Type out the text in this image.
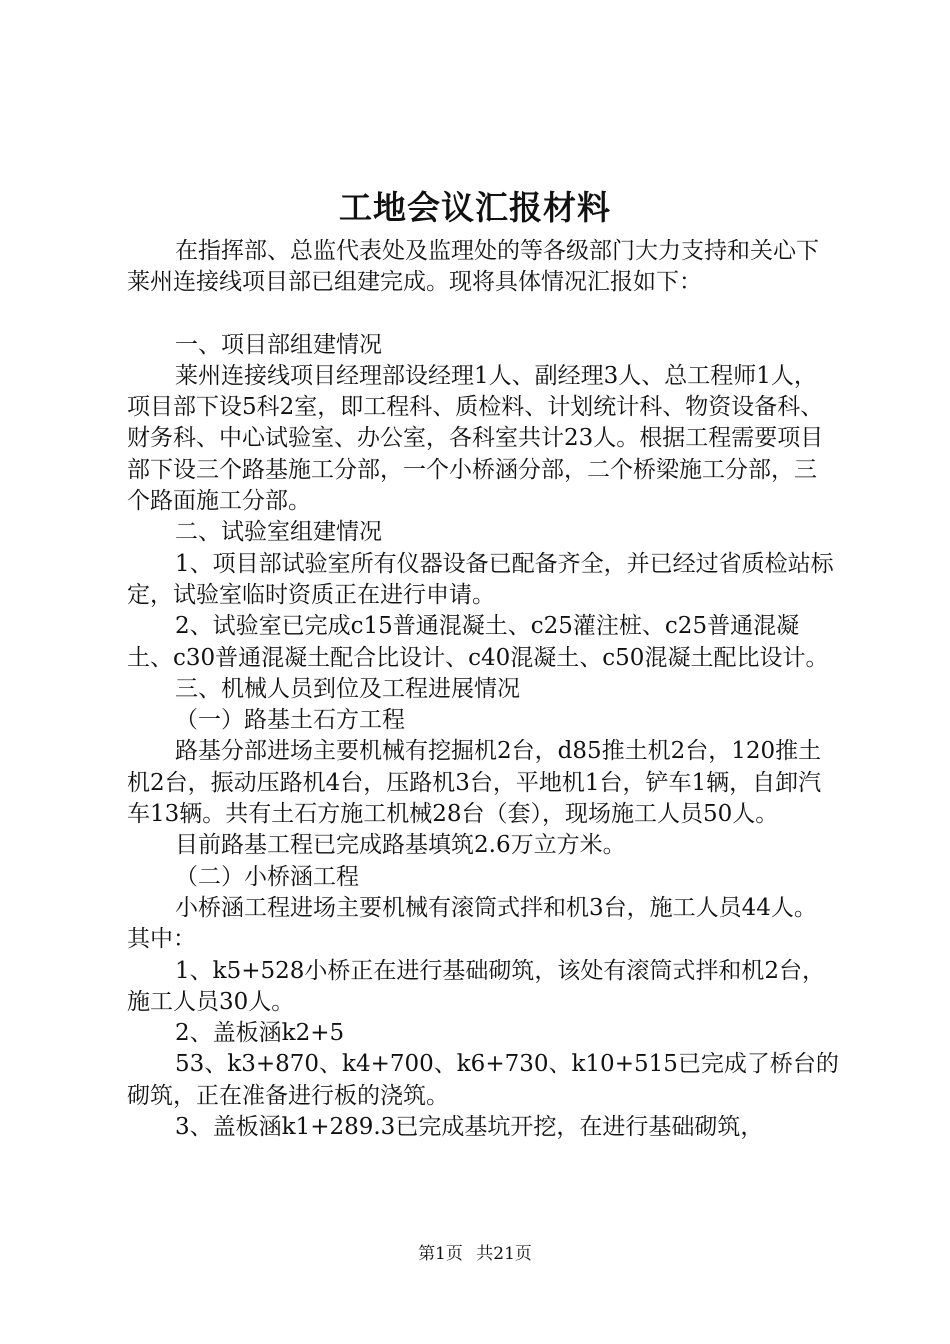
工地会议汇报材料

在指挥部、总监代表处及监理处的等各级部门大力支持和关心下莱州连接线项目部已组建完成。现将具体情况汇报如下：

一、项目部组建情况

莱州连接线项目经理部设经理1人、副经理3人、总工程师1人，项目部下设5科2室，即工程科、质检料、计划统计科、物资设备科、财务科、中心试验室、办公室，各科室共计23人。根据工程需要项目部下设三个路基施工分部，一个小桥涵分部，二个桥梁施工分部，三个路面施工分部。

二、试验室组建情况

1、项目部试验室所有仪器设备已配备齐全，并已经过省质检站标定，试验室临时资质正在进行申请。

2、试验室已完成c15普通混凝土、c25灌注桩、c25普通混凝土、c30普通混凝土配合比设计、c40混凝土、c50混凝土配比设计。

三、机械人员到位及工程进展情况

（一）路基土石方工程

路基分部进场主要机械有挖掘机2台，d85推土机2台，120推土机2台，振动压路机4台，压路机3台，平地机1台，铲车1辆，自卸汽车13辆。共有土石方施工机械28台（套），现场施工人员50人。

目前路基工程已完成路基填筑2.6万立方米。

（二）小桥涵工程

小桥涵工程进场主要机械有滚筒式拌和机3台，施工人员44人。其中：

1、k5+528小桥正在进行基础砌筑，该处有滚筒式拌和机2台，施工人员30人。

2、盖板涵k2+5

53、k3+870、k4+700、k6+730、k10+515已完成了桥台的砌筑，正在准备进行板的浇筑。

3、盖板涵k1+289.3已完成基坑开挖，在进行基础砌筑，

第1页 共21页
